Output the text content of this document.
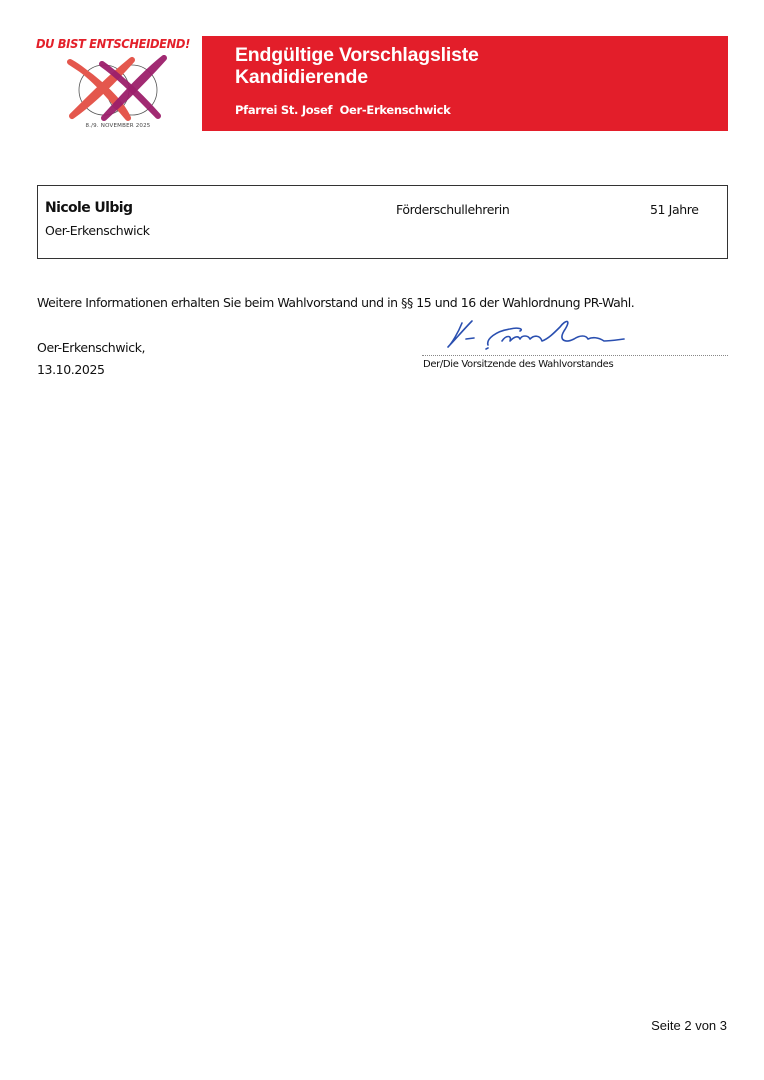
DU BIST ENTSCHEIDEND!
8./9. NOVEMBER 2025
Endgültige Vorschlagsliste
Kandidierende
Pfarrei St. Josef  Oer-Erkenschwick
Nicole Ulbig
Oer-Erkenschwick
Förderschullehrerin	51 Jahre
Weitere Informationen erhalten Sie beim Wahlvorstand und in §§ 15 und 16 der Wahlordnung PR-Wahl.
Oer-Erkenschwick,
13.10.2025	Der/Die Vorsitzende des Wahlvorstandes
Seite 2 von 3
